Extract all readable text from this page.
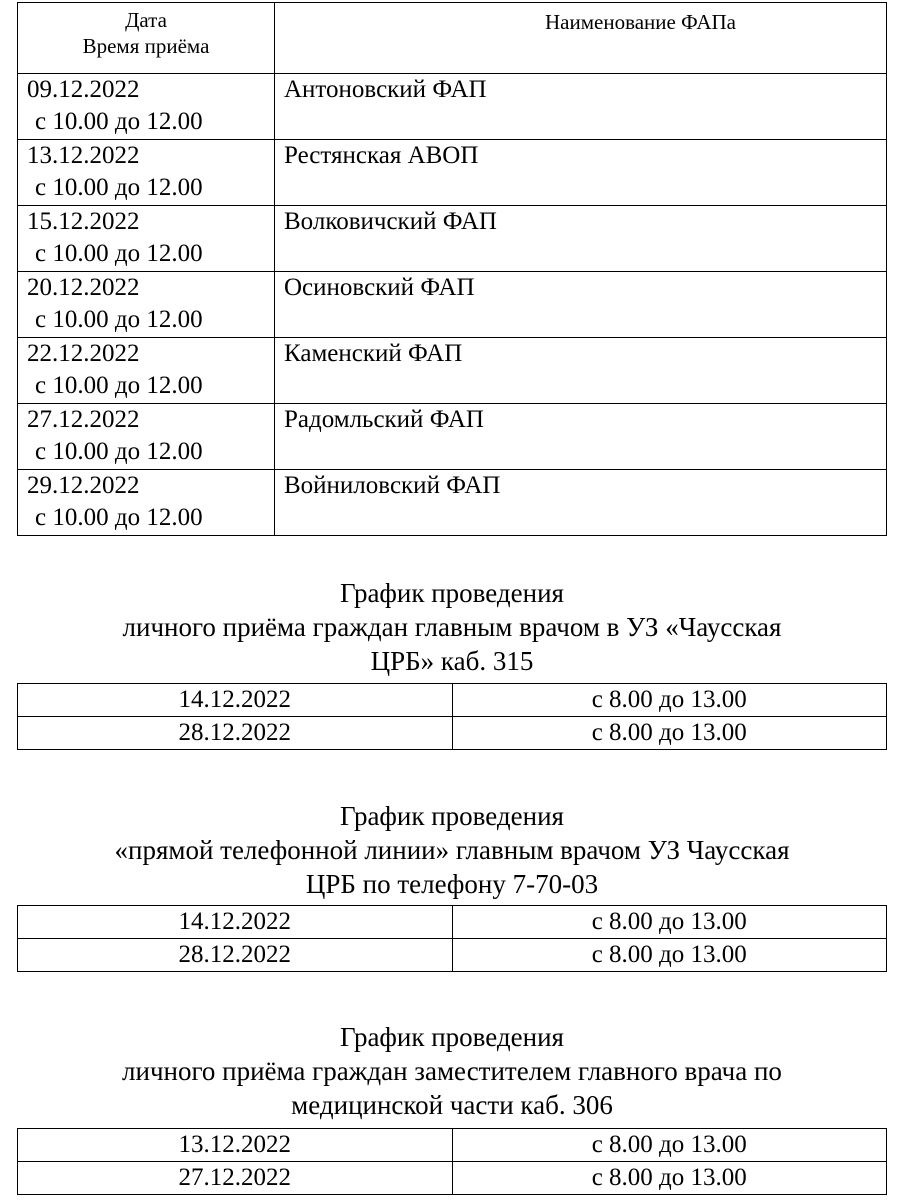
Дата
Время приёма	Наименование ФАПа
09.12.2022
с 10.00 до 12.00	Антоновский ФАП
13.12.2022
с 10.00 до 12.00	Рестянская АВОП
15.12.2022
с 10.00 до 12.00	Волковичский ФАП
20.12.2022
с 10.00 до 12.00	Осиновский ФАП
22.12.2022
с 10.00 до 12.00	Каменский ФАП
27.12.2022
с 10.00 до 12.00	Радомльский ФАП
29.12.2022
с 10.00 до 12.00	Войниловский ФАП
График проведения
личного приёма граждан главным врачом в УЗ «Чаусская
ЦРБ» каб. 315
14.12.2022	с 8.00 до 13.00
28.12.2022	с 8.00 до 13.00
График проведения
«прямой телефонной линии» главным врачом УЗ Чаусская
ЦРБ по телефону 7-70-03
14.12.2022	с 8.00 до 13.00
28.12.2022	с 8.00 до 13.00
График проведения
личного приёма граждан заместителем главного врача по
медицинской части каб. 306
13.12.2022	с 8.00 до 13.00
27.12.2022	с 8.00 до 13.00
